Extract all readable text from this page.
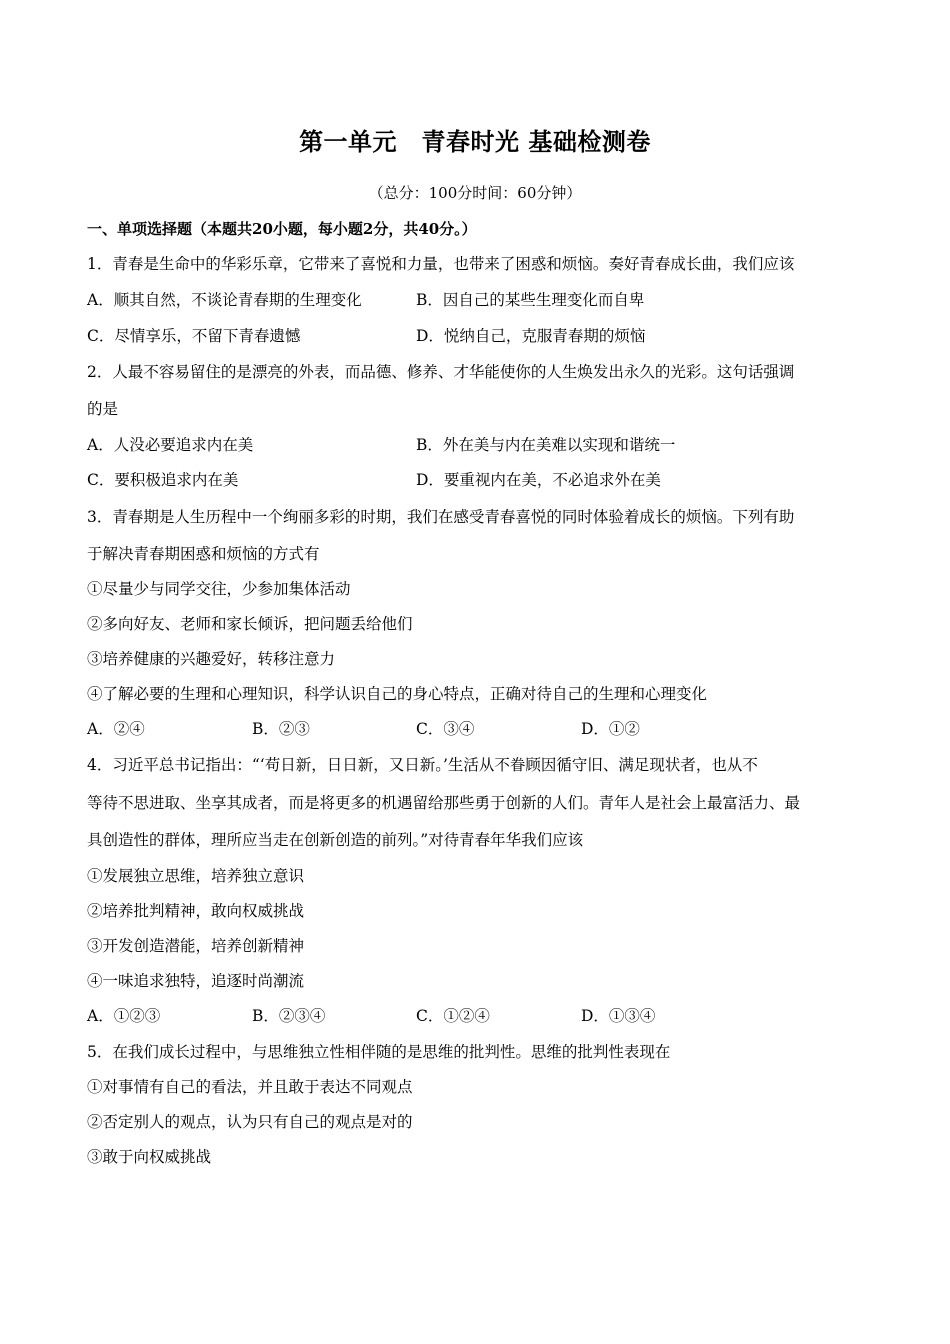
第一单元　青春时光 基础检测卷
（总分：100分时间：60分钟）
一、单项选择题（本题共20小题，每小题2分，共40分。）
1．青春是生命中的华彩乐章，它带来了喜悦和力量，也带来了困惑和烦恼。奏好青春成长曲，我们应该
A．顺其自然，不谈论青春期的生理变化	B．因自己的某些生理变化而自卑
C．尽情享乐，不留下青春遗憾	D．悦纳自己，克服青春期的烦恼
2．人最不容易留住的是漂亮的外表，而品德、修养、才华能使你的人生焕发出永久的光彩。这句话强调
的是
A．人没必要追求内在美	B．外在美与内在美难以实现和谐统一
C．要积极追求内在美	D．要重视内在美，不必追求外在美
3．青春期是人生历程中一个绚丽多彩的时期，我们在感受青春喜悦的同时体验着成长的烦恼。下列有助
于解决青春期困惑和烦恼的方式有
①尽量少与同学交往，少参加集体活动
②多向好友、老师和家长倾诉，把问题丢给他们
③培养健康的兴趣爱好，转移注意力
④了解必要的生理和心理知识，科学认识自己的身心特点，正确对待自己的生理和心理变化
A．②④	B．②③	C．③④	D．①②
4．习近平总书记指出：“‘苟日新，日日新，又日新。’生活从不眷顾因循守旧、满足现状者，也从不
等待不思进取、坐享其成者，而是将更多的机遇留给那些勇于创新的人们。青年人是社会上最富活力、最
具创造性的群体，理所应当走在创新创造的前列。”对待青春年华我们应该
①发展独立思维，培养独立意识
②培养批判精神，敢向权威挑战
③开发创造潜能，培养创新精神
④一味追求独特，追逐时尚潮流
A．①②③	B．②③④	C．①②④	D．①③④
5．在我们成长过程中，与思维独立性相伴随的是思维的批判性。思维的批判性表现在
①对事情有自己的看法，并且敢于表达不同观点
②否定别人的观点，认为只有自己的观点是对的
③敢于向权威挑战
